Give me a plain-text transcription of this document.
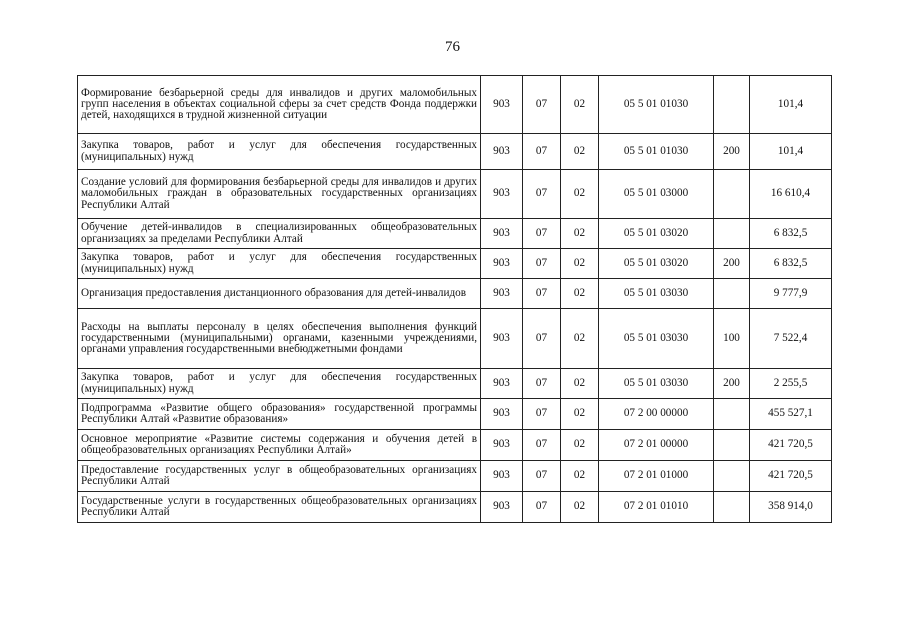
76
Формирование безбарьерной среды для инвалидов и других маломобильных групп населения в объектах социальной сферы за счет средств Фонда поддержки детей, находящихся в трудной жизненной ситуации	903	07	02	05 5 01 01030		101,4
Закупка товаров, работ и услуг для обеспечения государственных (муниципальных) нужд	903	07	02	05 5 01 01030	200	101,4
Создание условий для формирования безбарьерной среды для инвалидов и других маломобильных граждан в образовательных государственных организациях Республики Алтай	903	07	02	05 5 01 03000		16 610,4
Обучение детей-инвалидов в специализированных общеобразовательных организациях за пределами Республики Алтай	903	07	02	05 5 01 03020		6 832,5
Закупка товаров, работ и услуг для обеспечения государственных (муниципальных) нужд	903	07	02	05 5 01 03020	200	6 832,5
Организация предоставления дистанционного образования для детей-инвалидов	903	07	02	05 5 01 03030		9 777,9
Расходы на выплаты персоналу в целях обеспечения выполнения функций государственными (муниципальными) органами, казенными учреждениями, органами управления государственными внебюджетными фондами	903	07	02	05 5 01 03030	100	7 522,4
Закупка товаров, работ и услуг для обеспечения государственных (муниципальных) нужд	903	07	02	05 5 01 03030	200	2 255,5
Подпрограмма «Развитие общего образования» государственной программы Республики Алтай «Развитие образования»	903	07	02	07 2 00 00000		455 527,1
Основное мероприятие «Развитие системы содержания и обучения детей в общеобразовательных организациях Республики Алтай»	903	07	02	07 2 01 00000		421 720,5
Предоставление государственных услуг в общеобразовательных организациях Республики Алтай	903	07	02	07 2 01 01000		421 720,5
Государственные услуги в государственных общеобразовательных организациях Республики Алтай	903	07	02	07 2 01 01010		358 914,0
